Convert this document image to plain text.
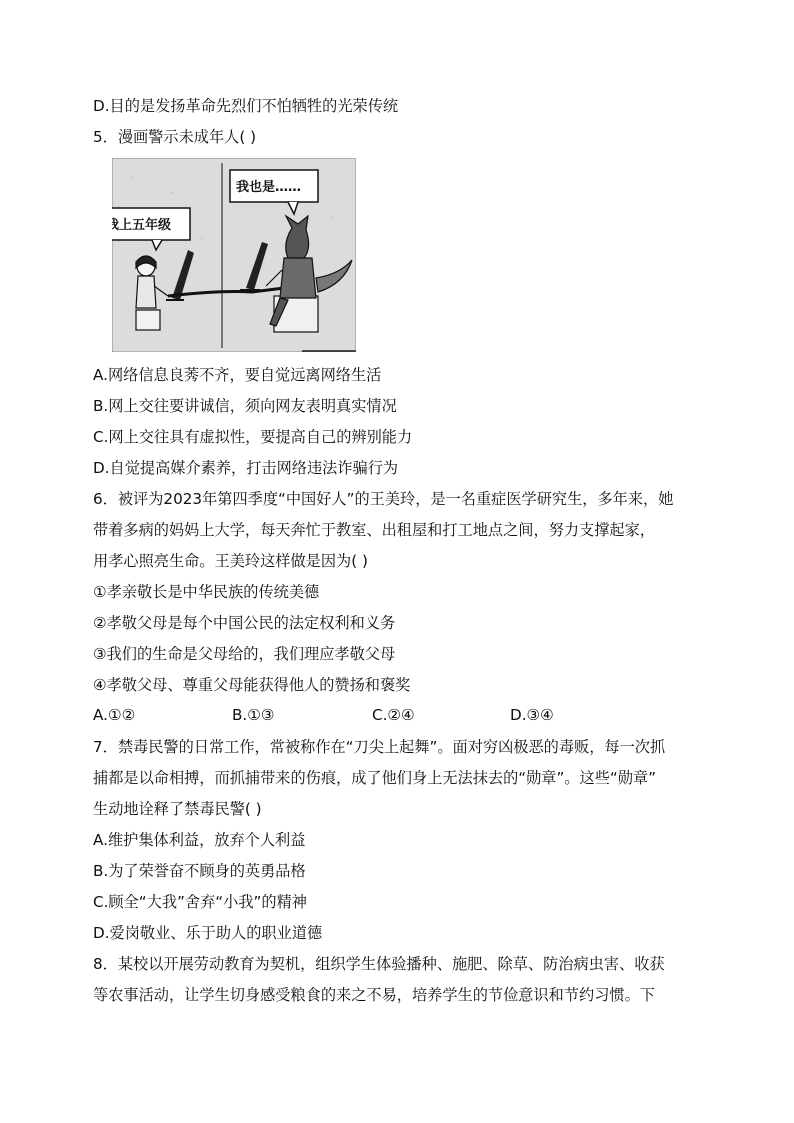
D.目的是发扬革命先烈们不怕牺牲的光荣传统
5．漫画警示未成年人( )
我上五年级
我也是……
A.网络信息良莠不齐，要自觉远离网络生活
B.网上交往要讲诚信，须向网友表明真实情况
C.网上交往具有虚拟性，要提高自己的辨别能力
D.自觉提高媒介素养，打击网络违法诈骗行为
6．被评为2023年第四季度“中国好人”的王美玲，是一名重症医学研究生，多年来，她
带着多病的妈妈上大学，每天奔忙于教室、出租屋和打工地点之间，努力支撑起家，
用孝心照亮生命。王美玲这样做是因为( )
①孝亲敬长是中华民族的传统美德
②孝敬父母是每个中国公民的法定权利和义务
③我们的生命是父母给的，我们理应孝敬父母
④孝敬父母、尊重父母能获得他人的赞扬和褒奖
A.①②	B.①③	C.②④	D.③④
7．禁毒民警的日常工作，常被称作在“刀尖上起舞”。面对穷凶极恶的毒贩，每一次抓
捕都是以命相搏，而抓捕带来的伤痕，成了他们身上无法抹去的“勋章”。这些“勋章”
生动地诠释了禁毒民警( )
A.维护集体利益，放弃个人利益
B.为了荣誉奋不顾身的英勇品格
C.顾全“大我”舍弃“小我”的精神
D.爱岗敬业、乐于助人的职业道德
8．某校以开展劳动教育为契机，组织学生体验播种、施肥、除草、防治病虫害、收获
等农事活动，让学生切身感受粮食的来之不易，培养学生的节俭意识和节约习惯。下
